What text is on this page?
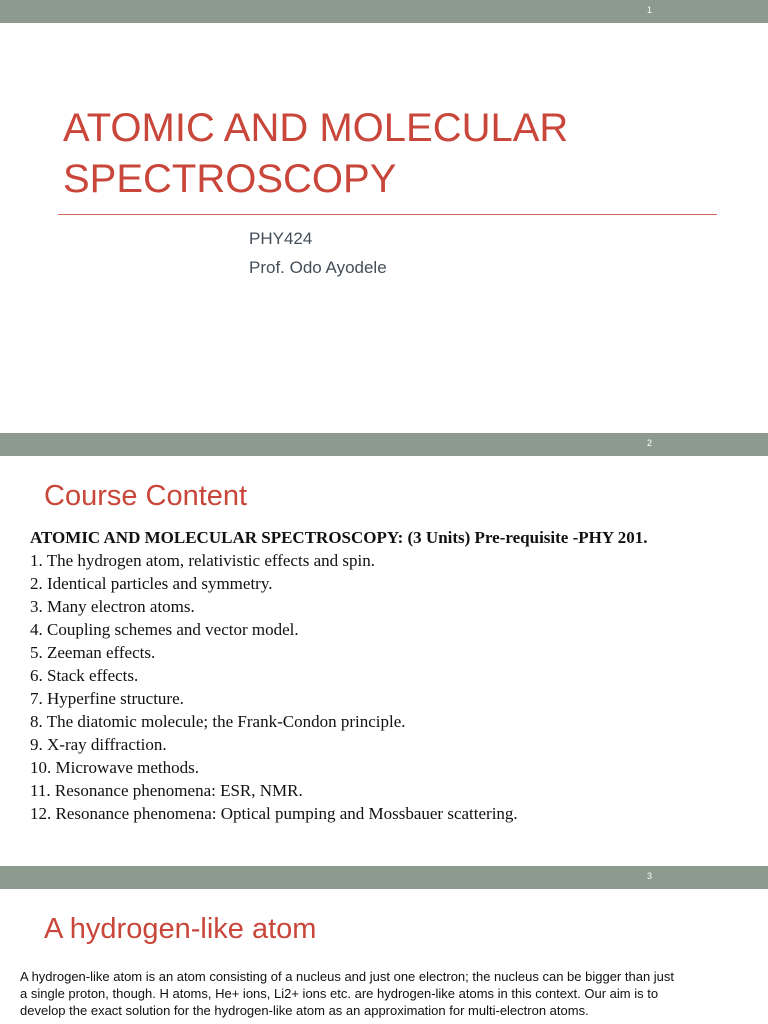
1
ATOMIC AND MOLECULAR
SPECTROSCOPY
PHY424
Prof. Odo Ayodele
2
Course Content
ATOMIC AND MOLECULAR SPECTROSCOPY: (3 Units) Pre-requisite -PHY 201.
1. The hydrogen atom, relativistic effects and spin.
2. Identical particles and symmetry.
3. Many electron atoms.
4. Coupling schemes and vector model.
5. Zeeman effects.
6. Stack effects.
7. Hyperfine structure.
8. The diatomic molecule; the Frank-Condon principle.
9. X-ray diffraction.
10. Microwave methods.
11. Resonance phenomena: ESR, NMR.
12. Resonance phenomena: Optical pumping and Mossbauer scattering.
3
A hydrogen-like atom
A hydrogen-like atom is an atom consisting of a nucleus and just one electron; the nucleus can be bigger than just
a single proton, though. H atoms, He+ ions, Li2+ ions etc. are hydrogen-like atoms in this context. Our aim is to
develop the exact solution for the hydrogen-like atom as an approximation for multi-electron atoms.
